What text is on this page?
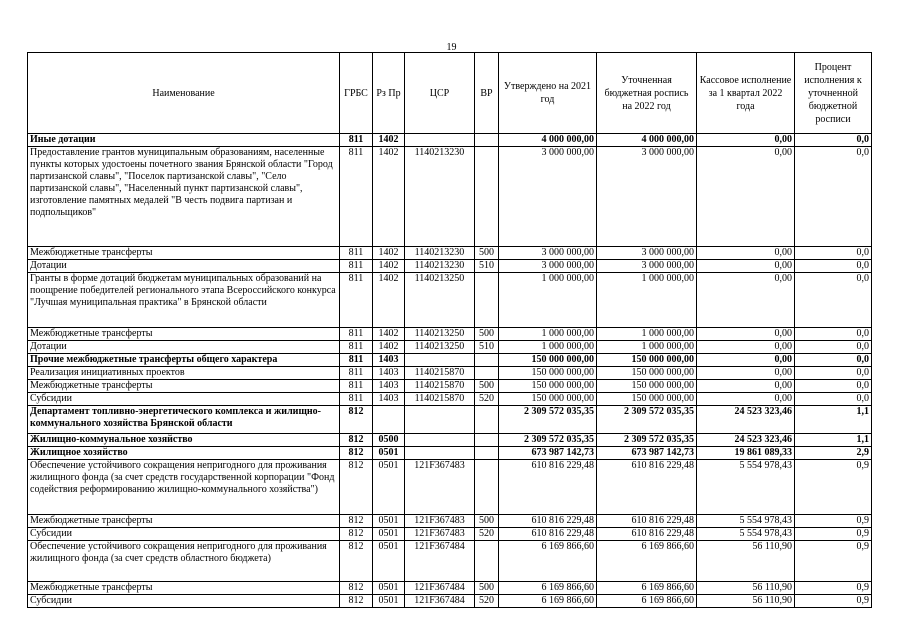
19
Наименование	ГРБС	Рз Пр	ЦСР	ВР	Утверждено на 2021 год	Уточненная бюджетная роспись на 2022 год	Кассовое исполнение за 1 квартал 2022 года	Процент исполнения к уточненной бюджетной росписи
Иные дотации	811	1402			4 000 000,00	4 000 000,00	0,00	0,0
Предоставление грантов муниципальным образованиям, населенные пункты которых удостоены почетного звания Брянской области "Город партизанской славы", "Поселок партизанской славы", "Село партизанской славы", "Населенный пункт партизанской славы", изготовление памятных медалей "В честь подвига партизан и подпольщиков"	811	1402	1140213230		3 000 000,00	3 000 000,00	0,00	0,0
Межбюджетные трансферты	811	1402	1140213230	500	3 000 000,00	3 000 000,00	0,00	0,0
Дотации	811	1402	1140213230	510	3 000 000,00	3 000 000,00	0,00	0,0
Гранты в форме дотаций бюджетам муниципальных образований на поощрение победителей регионального этапа Всероссийского конкурса "Лучшая муниципальная практика" в Брянской области	811	1402	1140213250		1 000 000,00	1 000 000,00	0,00	0,0
Межбюджетные трансферты	811	1402	1140213250	500	1 000 000,00	1 000 000,00	0,00	0,0
Дотации	811	1402	1140213250	510	1 000 000,00	1 000 000,00	0,00	0,0
Прочие межбюджетные трансферты общего характера	811	1403			150 000 000,00	150 000 000,00	0,00	0,0
Реализация инициативных проектов	811	1403	1140215870		150 000 000,00	150 000 000,00	0,00	0,0
Межбюджетные трансферты	811	1403	1140215870	500	150 000 000,00	150 000 000,00	0,00	0,0
Субсидии	811	1403	1140215870	520	150 000 000,00	150 000 000,00	0,00	0,0
Департамент топливно-энергетического комплекса и жилищно-коммунального хозяйства Брянской области	812				2 309 572 035,35	2 309 572 035,35	24 523 323,46	1,1
Жилищно-коммунальное хозяйство	812	0500			2 309 572 035,35	2 309 572 035,35	24 523 323,46	1,1
Жилищное хозяйство	812	0501			673 987 142,73	673 987 142,73	19 861 089,33	2,9
Обеспечение устойчивого сокращения непригодного для проживания жилищного фонда (за счет средств государственной корпорации "Фонд содействия реформированию жилищно-коммунального хозяйства")	812	0501	121F367483		610 816 229,48	610 816 229,48	5 554 978,43	0,9
Межбюджетные трансферты	812	0501	121F367483	500	610 816 229,48	610 816 229,48	5 554 978,43	0,9
Субсидии	812	0501	121F367483	520	610 816 229,48	610 816 229,48	5 554 978,43	0,9
Обеспечение устойчивого сокращения непригодного для проживания жилищного фонда (за счет средств областного бюджета)	812	0501	121F367484		6 169 866,60	6 169 866,60	56 110,90	0,9
Межбюджетные трансферты	812	0501	121F367484	500	6 169 866,60	6 169 866,60	56 110,90	0,9
Субсидии	812	0501	121F367484	520	6 169 866,60	6 169 866,60	56 110,90	0,9
